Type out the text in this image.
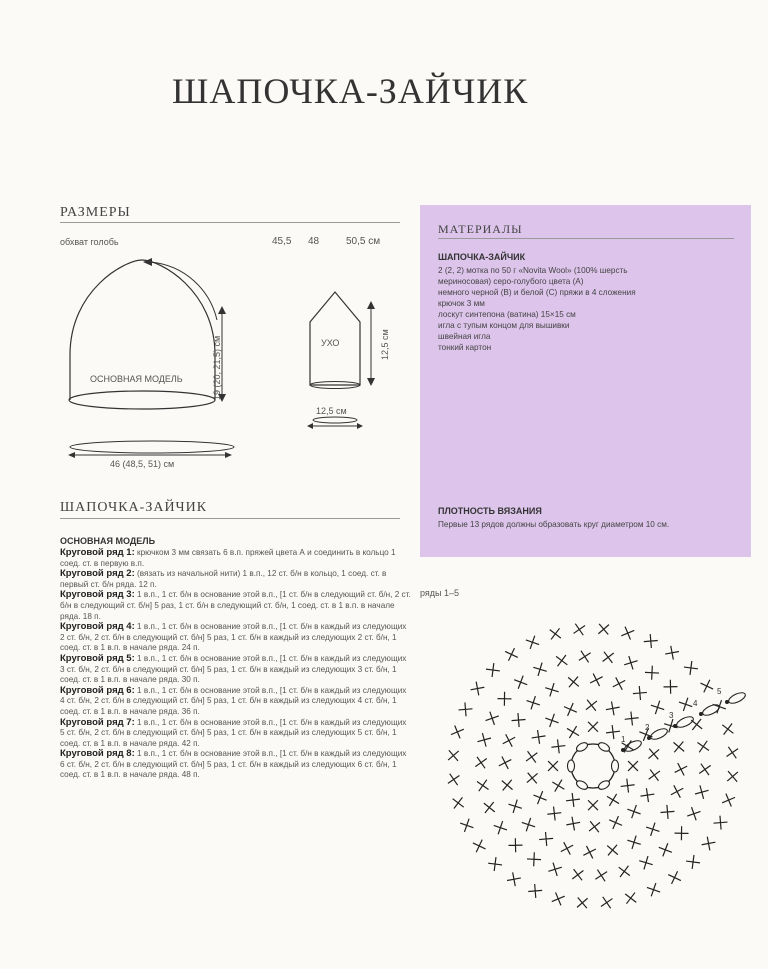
ШАПОЧКА-ЗАЙЧИК
РАЗМЕРЫ
обхват голобь	45,5 48	50,5 см
ОСНОВНАЯ МОДЕЛЬ	19 (20, 21,5) см
46 (48,5, 51) см
УХО	12,5 см
12,5 см
МАТЕРИАЛЫ
ШАПОЧКА-ЗАЙЧИК
2 (2, 2) мотка по 50 г «Novita Wool» (100% шерсть
мериносовая) серо-голубого цвета (А)
немного черной (В) и белой (С) пряжи в 4 сложения
крючок 3 мм
лоскут синтепона (ватина) 15×15 см
игла с тупым концом для вышивки
швейная игла
тонкий картон
ПЛОТНОСТЬ ВЯЗАНИЯ
Первые 13 рядов должны образовать круг диаметром 10 см.
ШАПОЧКА-ЗАЙЧИК
ОСНОВНАЯ МОДЕЛЬ

Круговой ряд 1: крючком 3 мм связать 6 в.п. пряжей цвета А и соединить в кольцо 1 соед. ст. в первую в.п.

Круговой ряд 2: (вязать из начальной нити) 1 в.п., 12 ст. б/н в кольцо, 1 соед. ст. в первый ст. б/н ряда. 12 п.

Круговой ряд 3: 1 в.п., 1 ст. б/н в основание этой в.п., [1 ст. б/н в следующий ст. б/н, 2 ст. б/н в следующий ст. б/н] 5 раз, 1 ст. б/н в следующий ст. б/н, 1 соед. ст. в 1 в.п. в начале ряда. 18 п.

Круговой ряд 4: 1 в.п., 1 ст. б/н в основание этой в.п., [1 ст. б/н в каждый из следующих 2 ст. б/н, 2 ст. б/н в следующий ст. б/н] 5 раз, 1 ст. б/н в каждый из следующих 2 ст. б/н, 1 соед. ст. в 1 в.п. в начале ряда. 24 п.

Круговой ряд 5: 1 в.п., 1 ст. б/н в основание этой в.п., [1 ст. б/н в каждый из следующих 3 ст. б/н, 2 ст. б/н в следующий ст. б/н] 5 раз, 1 ст. б/н в каждый из следующих 3 ст. б/н, 1 соед. ст. в 1 в.п. в начале ряда. 30 п.

Круговой ряд 6: 1 в.п., 1 ст. б/н в основание этой в.п., [1 ст. б/н в каждый из следующих 4 ст. б/н, 2 ст. б/н в следующий ст. б/н] 5 раз, 1 ст. б/н в каждый из следующих 4 ст. б/н, 1 соед. ст. в 1 в.п. в начале ряда. 36 п.

Круговой ряд 7: 1 в.п., 1 ст. б/н в основание этой в.п., [1 ст. б/н в каждый из следующих 5 ст. б/н, 2 ст. б/н в следующий ст. б/н] 5 раз, 1 ст. б/н в каждый из следующих 5 ст. б/н, 1 соед. ст. в 1 в.п. в начале ряда. 42 п.

Круговой ряд 8: 1 в.п., 1 ст. б/н в основание этой в.п., [1 ст. б/н в каждый из следующих 6 ст. б/н, 2 ст. б/н в следующий ст. б/н] 5 раз, 1 ст. б/н в каждый из следующих 6 ст. б/н, 1 соед. ст. в 1 в.п. в начале ряда. 48 п.

ряды 1–5
1
2
3
4
5
